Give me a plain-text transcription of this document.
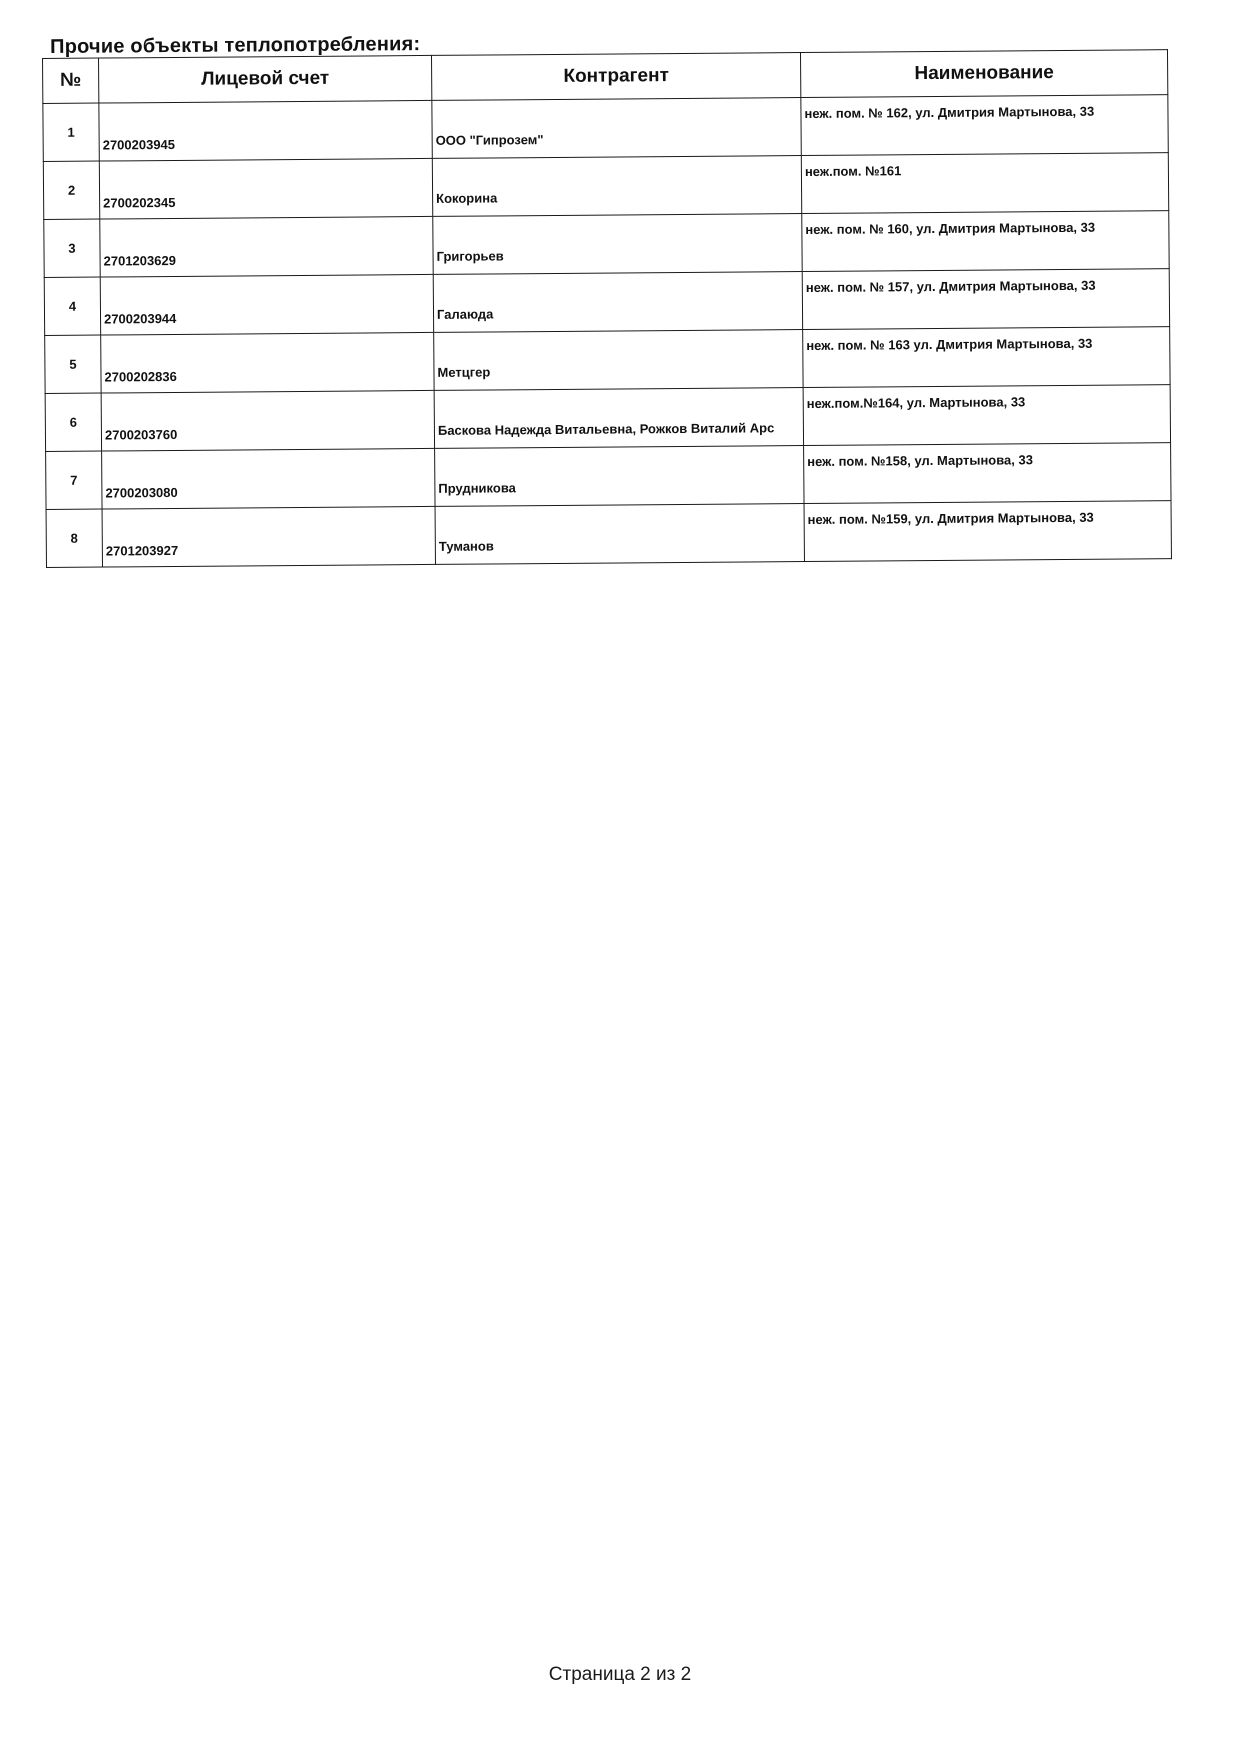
Прочие объекты теплопотребления:
№	Лицевой счет	Контрагент	Наименование
1	2700203945	ООО "Гипрозем"	неж. пом. № 162, ул. Дмитрия Мартынова, 33
2	2700202345	Кокорина	неж.пом. №161
3	2701203629	Григорьев	неж. пом. № 160, ул. Дмитрия Мартынова, 33
4	2700203944	Галаюда	неж. пом. № 157, ул. Дмитрия Мартынова, 33
5	2700202836	Метцгер	неж. пом. № 163 ул. Дмитрия Мартынова, 33
6	2700203760	Баскова Надежда Витальевна, Рожков Виталий Арс	неж.пом.№164, ул. Мартынова, 33
7	2700203080	Прудникова	неж. пом. №158, ул. Мартынова, 33
8	2701203927	Туманов	неж. пом. №159, ул. Дмитрия Мартынова, 33
Страница 2 из 2
